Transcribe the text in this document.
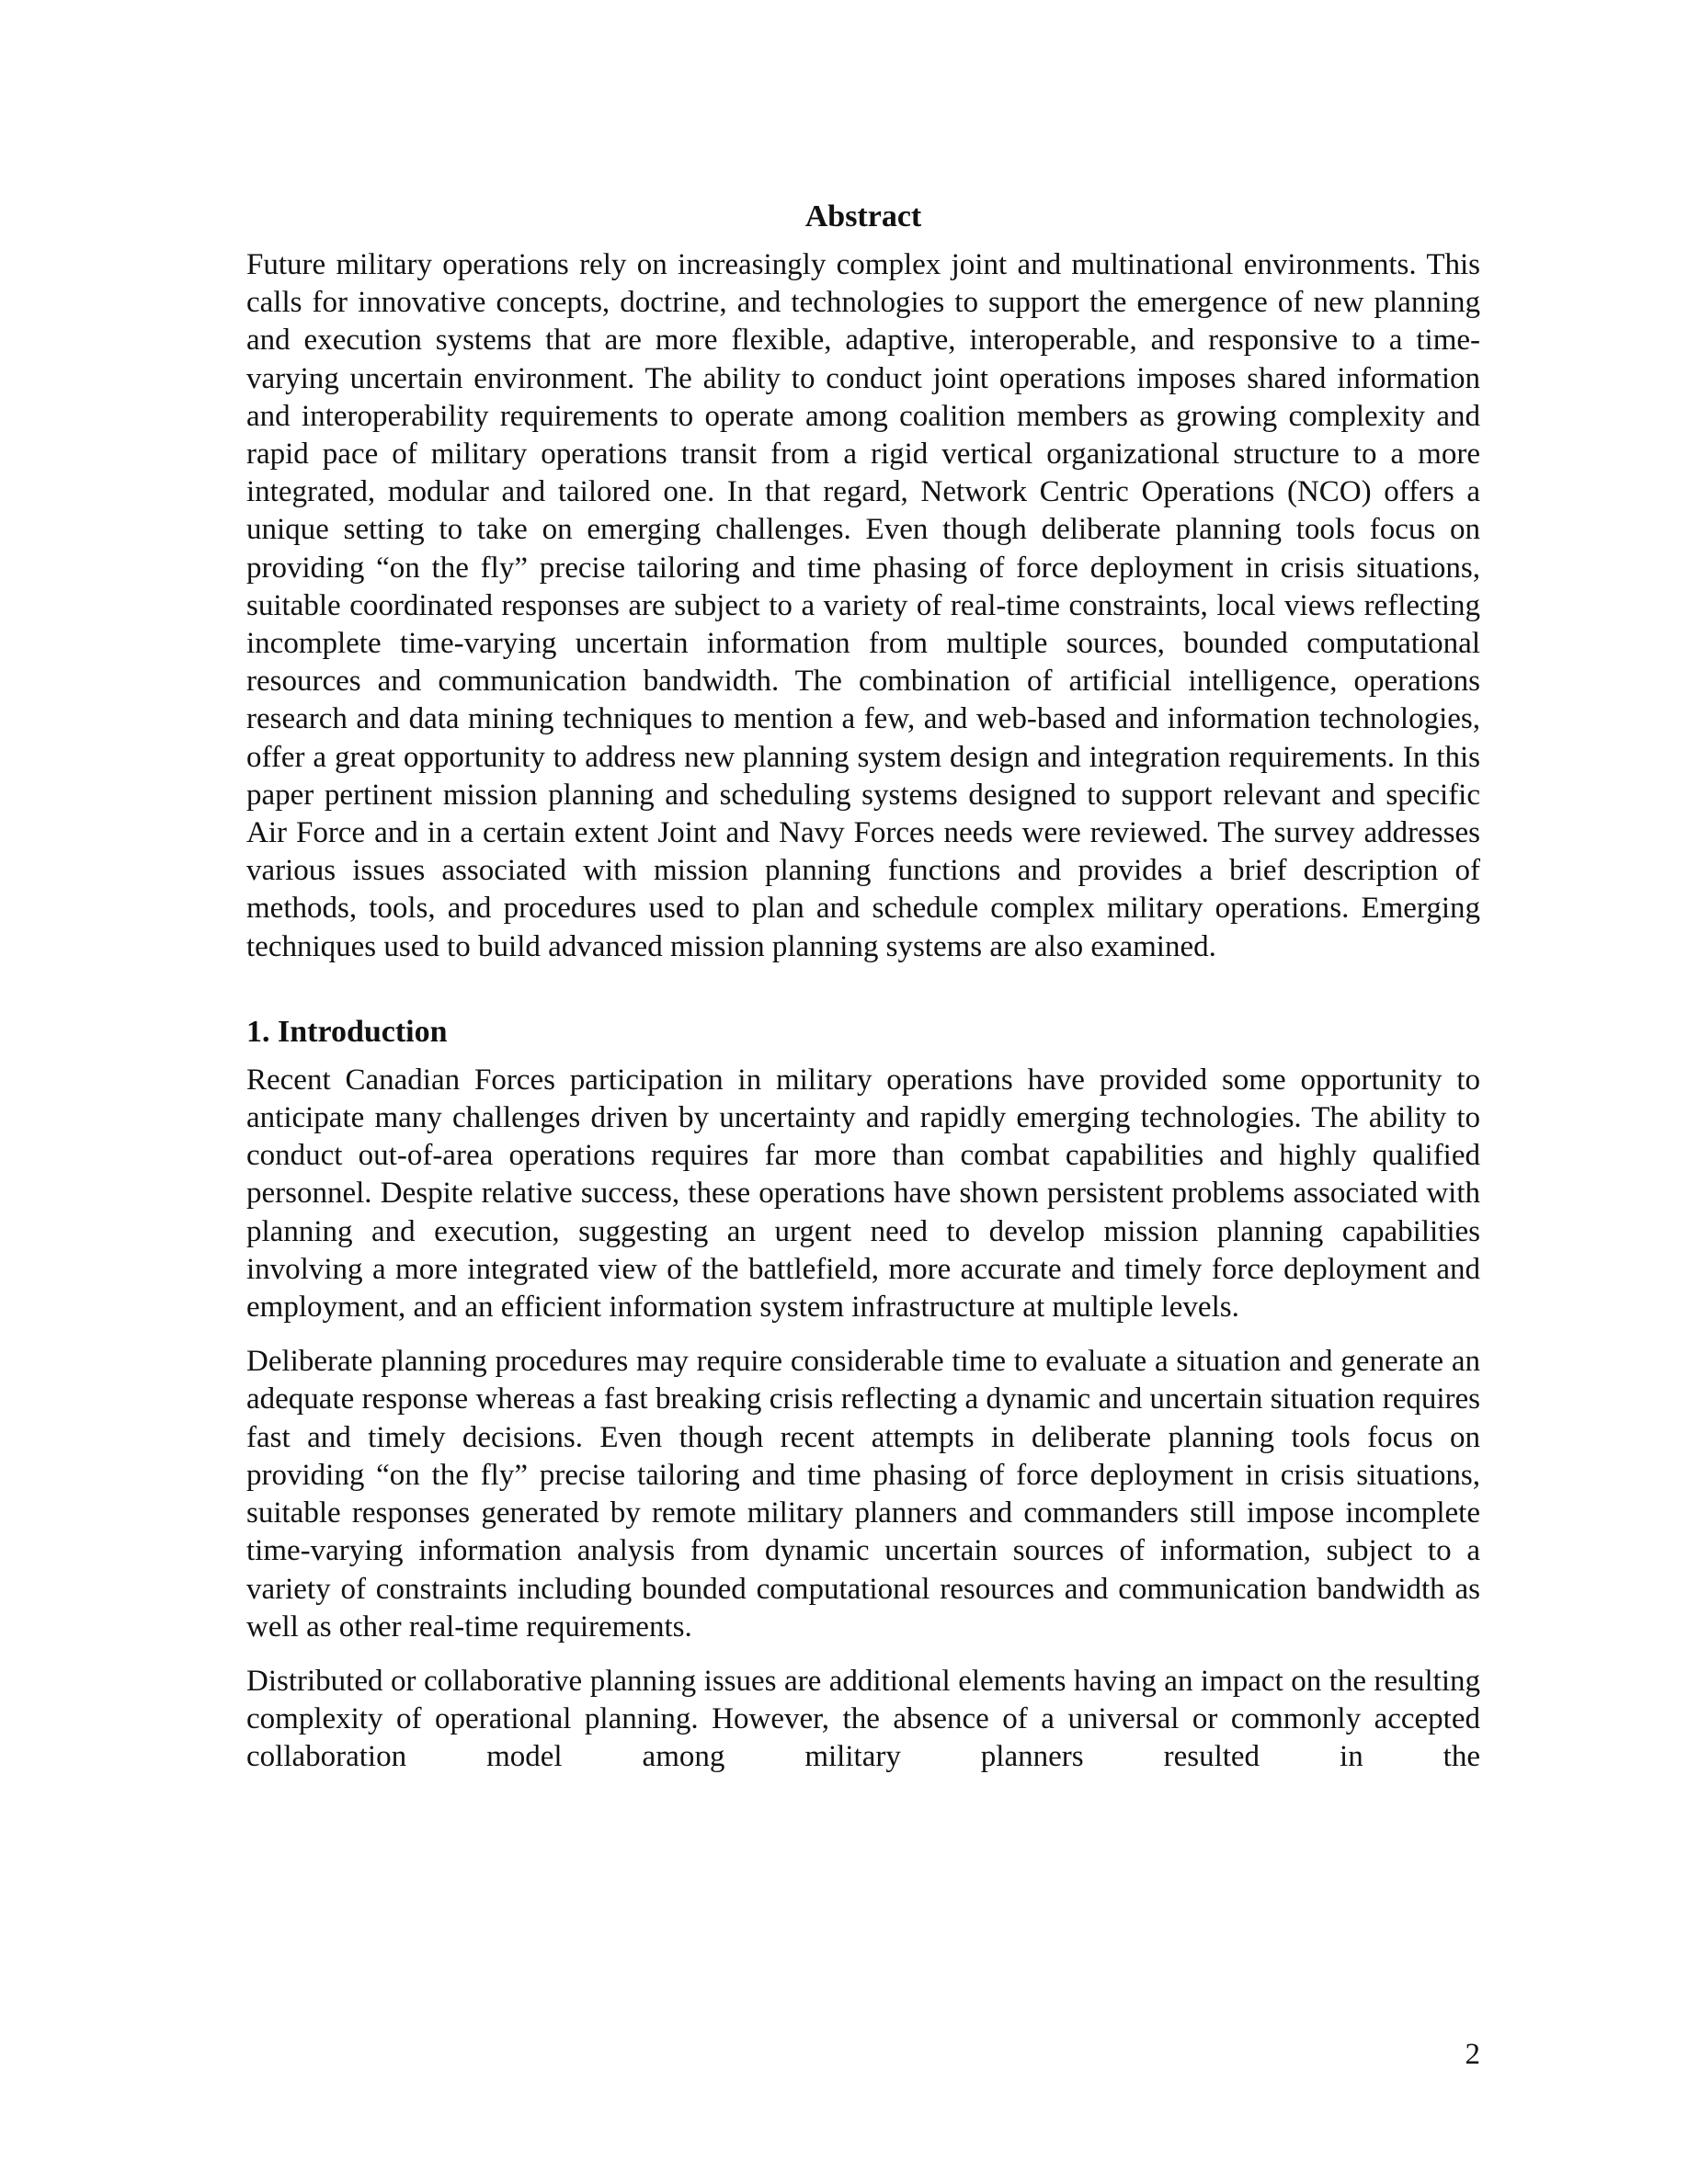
Abstract

Future military operations rely on increasingly complex joint and multinational environments. This calls for innovative concepts, doctrine, and technologies to support the emergence of new planning and execution systems that are more flexible, adaptive, interoperable, and responsive to a time-varying uncertain environment. The ability to conduct joint operations imposes shared information and interoperability requirements to operate among coalition members as growing complexity and rapid pace of military operations transit from a rigid vertical organizational structure to a more integrated, modular and tailored one. In that regard, Network Centric Operations (NCO) offers a unique setting to take on emerging challenges. Even though deliberate planning tools focus on providing “on the fly” precise tailoring and time phasing of force deployment in crisis situations, suitable coordinated responses are subject to a variety of real-time constraints, local views reflecting incomplete time-varying uncertain information from multiple sources, bounded computational resources and communication bandwidth. The combination of artificial intelligence, operations research and data mining techniques to mention a few, and web-based and information technologies, offer a great opportunity to address new planning system design and integration requirements. In this paper pertinent mission planning and scheduling systems designed to support relevant and specific Air Force and in a certain extent Joint and Navy Forces needs were reviewed. The survey addresses various issues associated with mission planning functions and provides a brief description of methods, tools, and procedures used to plan and schedule complex military operations. Emerging techniques used to build advanced mission planning systems are also examined.

1. Introduction

Recent Canadian Forces participation in military operations have provided some opportunity to anticipate many challenges driven by uncertainty and rapidly emerging technologies. The ability to conduct out-of-area operations requires far more than combat capabilities and highly qualified personnel. Despite relative success, these operations have shown persistent problems associated with planning and execution, suggesting an urgent need to develop mission planning capabilities involving a more integrated view of the battlefield, more accurate and timely force deployment and employment, and an efficient information system infrastructure at multiple levels.

Deliberate planning procedures may require considerable time to evaluate a situation and generate an adequate response whereas a fast breaking crisis reflecting a dynamic and uncertain situation requires fast and timely decisions. Even though recent attempts in deliberate planning tools focus on providing “on the fly” precise tailoring and time phasing of force deployment in crisis situations, suitable responses generated by remote military planners and commanders still impose incomplete time-varying information analysis from dynamic uncertain sources of information, subject to a variety of constraints including bounded computational resources and communication bandwidth as well as other real-time requirements.

Distributed or collaborative planning issues are additional elements having an impact on the resulting complexity of operational planning. However, the absence of a universal or commonly accepted collaboration model among military planners resulted in the

2
